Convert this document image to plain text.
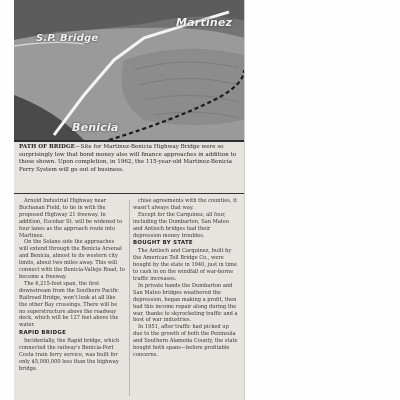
S.P. Bridge
Martinez
Benicia
PATH OF BRIDGE—Site for Martinez-Benicia Highway Bridge were so surprisingly low that bond money also will finance approaches in addition to those shown. Upon completion, in 1962, the 115-year-old Martinez-Benicia Ferry System will go out of business.

Arnold Industrial Highway near Buchanan Field, to tie in with the proposed Highway 21 freeway. In addition, Escobar St. will be widened to four lanes as the approach route into Martinez.

On the Solano side the approaches will extend through the Benicia Arsenal and Benicia, almost to its western city limits, about two miles away. This will connect with the Benicia-Vallejo Road, to become a freeway.

The 6,215-foot span, the first downstream from the Southern Pacific Railroad Bridge, won't look at all like the other Bay crossings. There will be no superstructure above the roadway deck, which will be 127 feet above the water.

RAPID BRIDGE

Incidentally, the Rapid bridge, which connected the railway's Benicia-Port Costa train ferry service, was built for only $5,000,000 less than the highway bridge.

chise agreements with the counties, it wasn't always that way.

Except for the Carquinez, all four, including the Dumbarton, San Mateo and Antioch bridges had their depression money troubles.

BOUGHT BY STATE

The Antioch and Carquinez, built by the American Toll Bridge Co., were bought by the state in 1940, just in time to cash in on the windfall of war-borne traffic increases.

In private hands the Dumbarton and San Mateo bridges weathered the depression, began making a profit, then had this income repair along during the war, thanks to skyrocketing traffic and a host of war industries.

In 1951, after traffic had picked up due to the growth of both the Peninsula and Southern Alameda County, the state bought both spans—before profitable concerns.
